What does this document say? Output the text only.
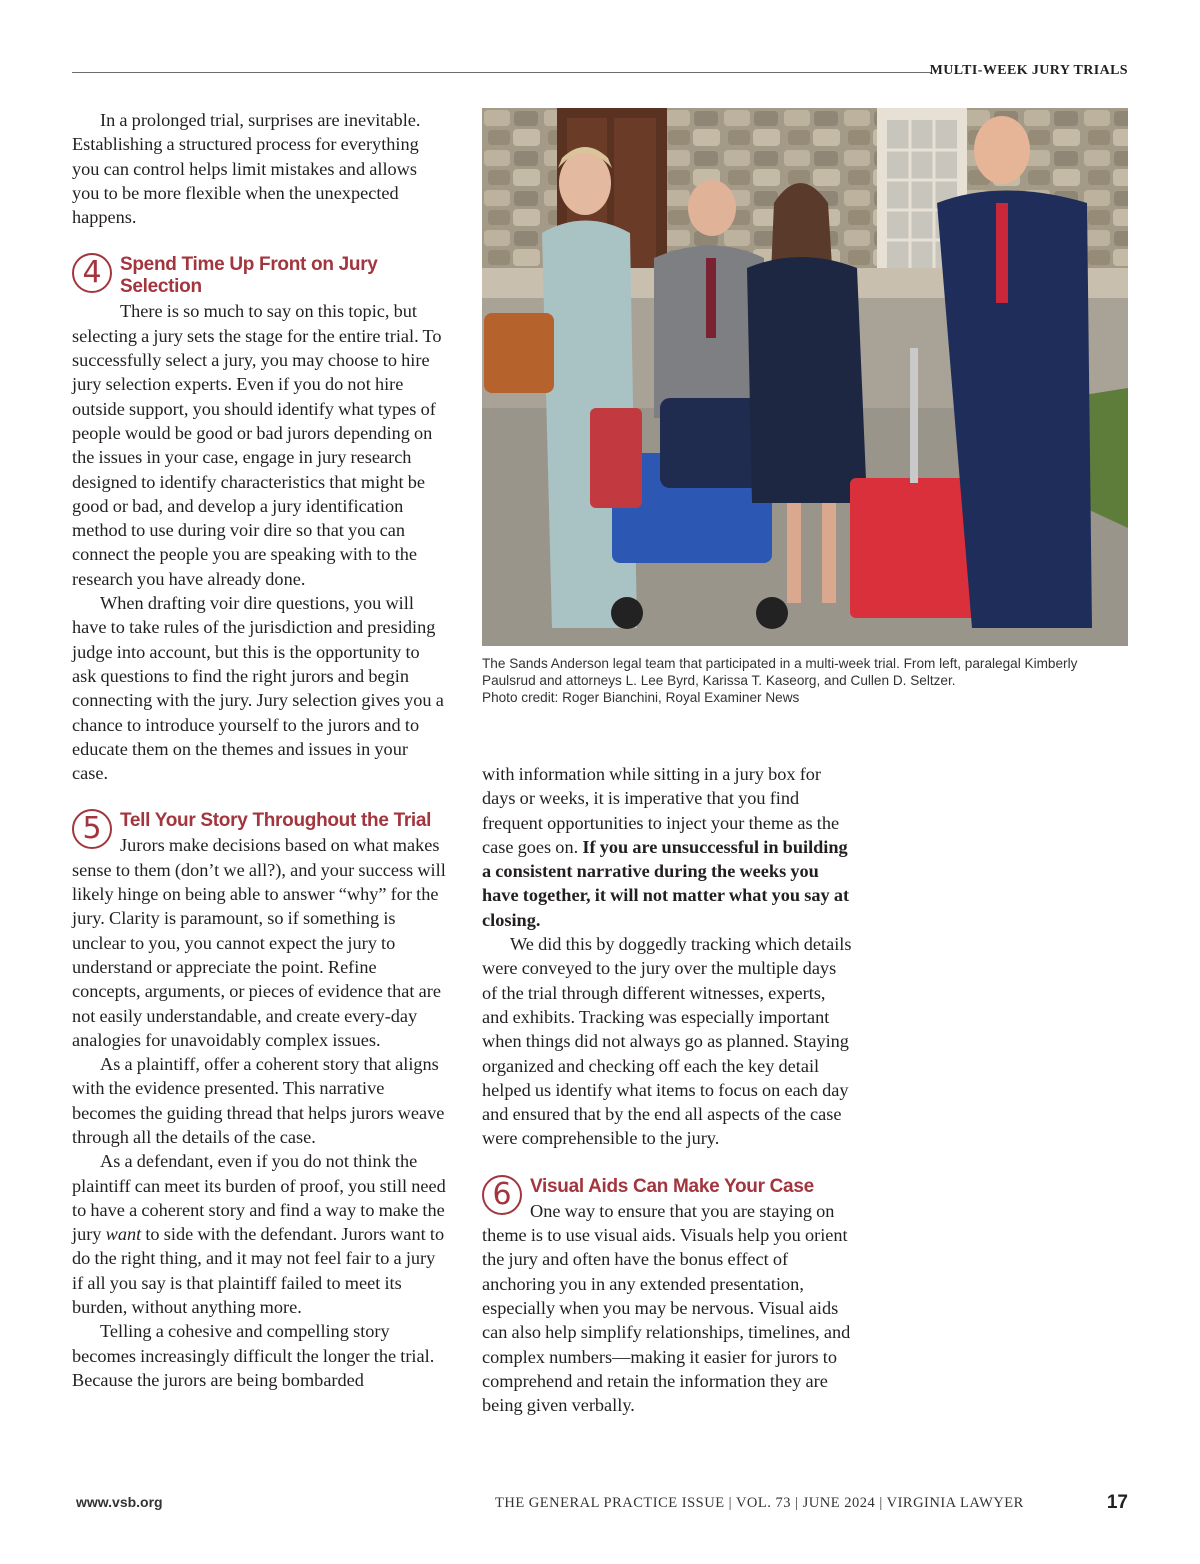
MULTI-WEEK JURY TRIALS

In a prolonged trial, surprises are inevitable. Establishing a structured process for everything you can control helps limit mistakes and allows you to be more flexible when the unexpected happens.

4 Spend Time Up Front on Jury Selection

There is so much to say on this topic, but selecting a jury sets the stage for the entire trial. To successfully select a jury, you may choose to hire jury selection experts. Even if you do not hire outside support, you should identify what types of people would be good or bad jurors depending on the issues in your case, engage in jury research designed to identify characteristics that might be good or bad, and develop a jury identification method to use during voir dire so that you can connect the people you are speaking with to the research you have already done.

When drafting voir dire questions, you will have to take rules of the jurisdiction and presiding judge into account, but this is the opportunity to ask questions to find the right jurors and begin connecting with the jury. Jury selection gives you a chance to introduce yourself to the jurors and to educate them on the themes and issues in your case.

5 Tell Your Story Throughout the Trial

Jurors make decisions based on what makes sense to them (don’t we all?), and your success will likely hinge on being able to answer “why” for the jury. Clarity is paramount, so if something is unclear to you, you cannot expect the jury to understand or appreciate the point. Refine concepts, arguments, or pieces of evidence that are not easily understandable, and create every-day analogies for unavoidably complex issues.

As a plaintiff, offer a coherent story that aligns with the evidence presented. This narrative becomes the guiding thread that helps jurors weave through all the details of the case.

As a defendant, even if you do not think the plaintiff can meet its burden of proof, you still need to have a coherent story and find a way to make the jury want to side with the defendant. Jurors want to do the right thing, and it may not feel fair to a jury if all you say is that plaintiff failed to meet its burden, without anything more.

Telling a cohesive and compelling story becomes increasingly difficult the longer the trial. Because the jurors are being bombarded

The Sands Anderson legal team that participated in a multi-week trial. From left, paralegal Kimberly Paulsrud and attorneys L. Lee Byrd, Karissa T. Kaseorg, and Cullen D. Seltzer.
Photo credit: Roger Bianchini, Royal Examiner News

with information while sitting in a jury box for days or weeks, it is imperative that you find frequent opportunities to inject your theme as the case goes on. If you are unsuccessful in building a consistent narrative during the weeks you have together, it will not matter what you say at closing.

We did this by doggedly tracking which details were conveyed to the jury over the multiple days of the trial through different witnesses, experts, and exhibits. Tracking was especially important when things did not always go as planned. Staying organized and checking off each the key detail helped us identify what items to focus on each day and ensured that by the end all aspects of the case were comprehensible to the jury.

6 Visual Aids Can Make Your Case

One way to ensure that you are staying on theme is to use visual aids. Visuals help you orient the jury and often have the bonus effect of anchoring you in any extended presentation, especially when you may be nervous. Visual aids can also help simplify relationships, timelines, and complex numbers—making it easier for jurors to comprehend and retain the information they are being given verbally.

www.vsb.org	THE GENERAL PRACTICE ISSUE | VOL. 73 | JUNE 2024 | VIRGINIA LAWYER	17
